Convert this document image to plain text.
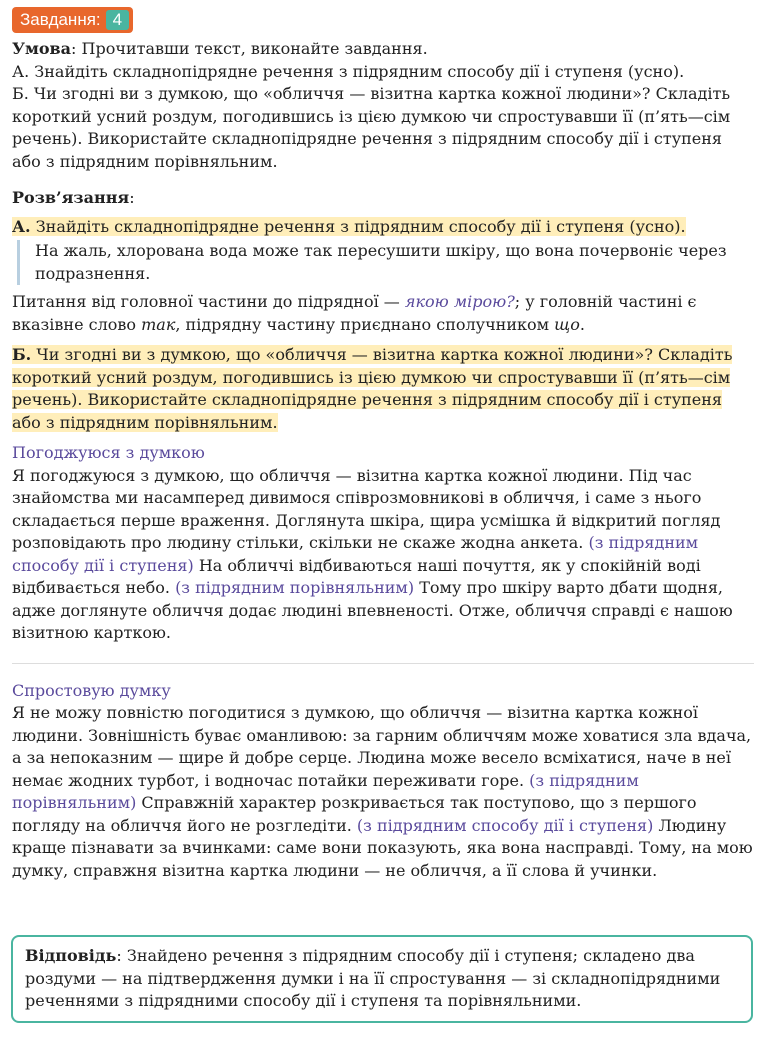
Завдання: 4
Умова: Прочитавши текст, виконайте завдання.
А. Знайдіть складнопідрядне речення з підрядним способу дії і ступеня (усно).
Б. Чи згодні ви з думкою, що «обличчя — візитна картка кожної людини»? Складіть короткий усний роздум, погодившись із цією думкою чи спростувавши її (п’ять—сім речень). Використайте складнопідрядне речення з підрядним способу дії і ступеня або з підрядним порівняльним.
Розв’язання:
А. Знайдіть складнопідрядне речення з підрядним способу дії і ступеня (усно).
На жаль, хлорована вода може так пересушити шкіру, що вона почервоніє через подразнення.
Питання від головної частини до підрядної — якою мірою?; у головній частині є вказівне слово так, підрядну частину приєднано сполучником що.
Б. Чи згодні ви з думкою, що «обличчя — візитна картка кожної людини»? Складіть короткий усний роздум, погодившись із цією думкою чи спростувавши її (п’ять—сім речень). Використайте складнопідрядне речення з підрядним способу дії і ступеня або з підрядним порівняльним.
Погоджуюся з думкою
Я погоджуюся з думкою, що обличчя — візитна картка кожної людини. Під час знайомства ми насамперед дивимося співрозмовникові в обличчя, і саме з нього складається перше враження. Доглянута шкіра, щира усмішка й відкритий погляд розповідають про людину стільки, скільки не скаже жодна анкета. (з підрядним способу дії і ступеня) На обличчі відбиваються наші почуття, як у спокійній воді відбивається небо. (з підрядним порівняльним) Тому про шкіру варто дбати щодня, адже доглянуте обличчя додає людині впевненості. Отже, обличчя справді є нашою візитною карткою.
Спростовую думку
Я не можу повністю погодитися з думкою, що обличчя — візитна картка кожної людини. Зовнішність буває оманливою: за гарним обличчям може ховатися зла вдача, а за непоказним — щире й добре серце. Людина може весело всміхатися, наче в неї немає жодних турбот, і водночас потайки переживати горе. (з підрядним порівняльним) Справжній характер розкривається так поступово, що з першого погляду на обличчя його не розгледіти. (з підрядним способу дії і ступеня) Людину краще пізнавати за вчинками: саме вони показують, яка вона насправді. Тому, на мою думку, справжня візитна картка людини — не обличчя, а її слова й учинки.
Відповідь: Знайдено речення з підрядним способу дії і ступеня; складено два роздуми — на підтвердження думки і на її спростування — зі складнопідрядними реченнями з підрядними способу дії і ступеня та порівняльними.
